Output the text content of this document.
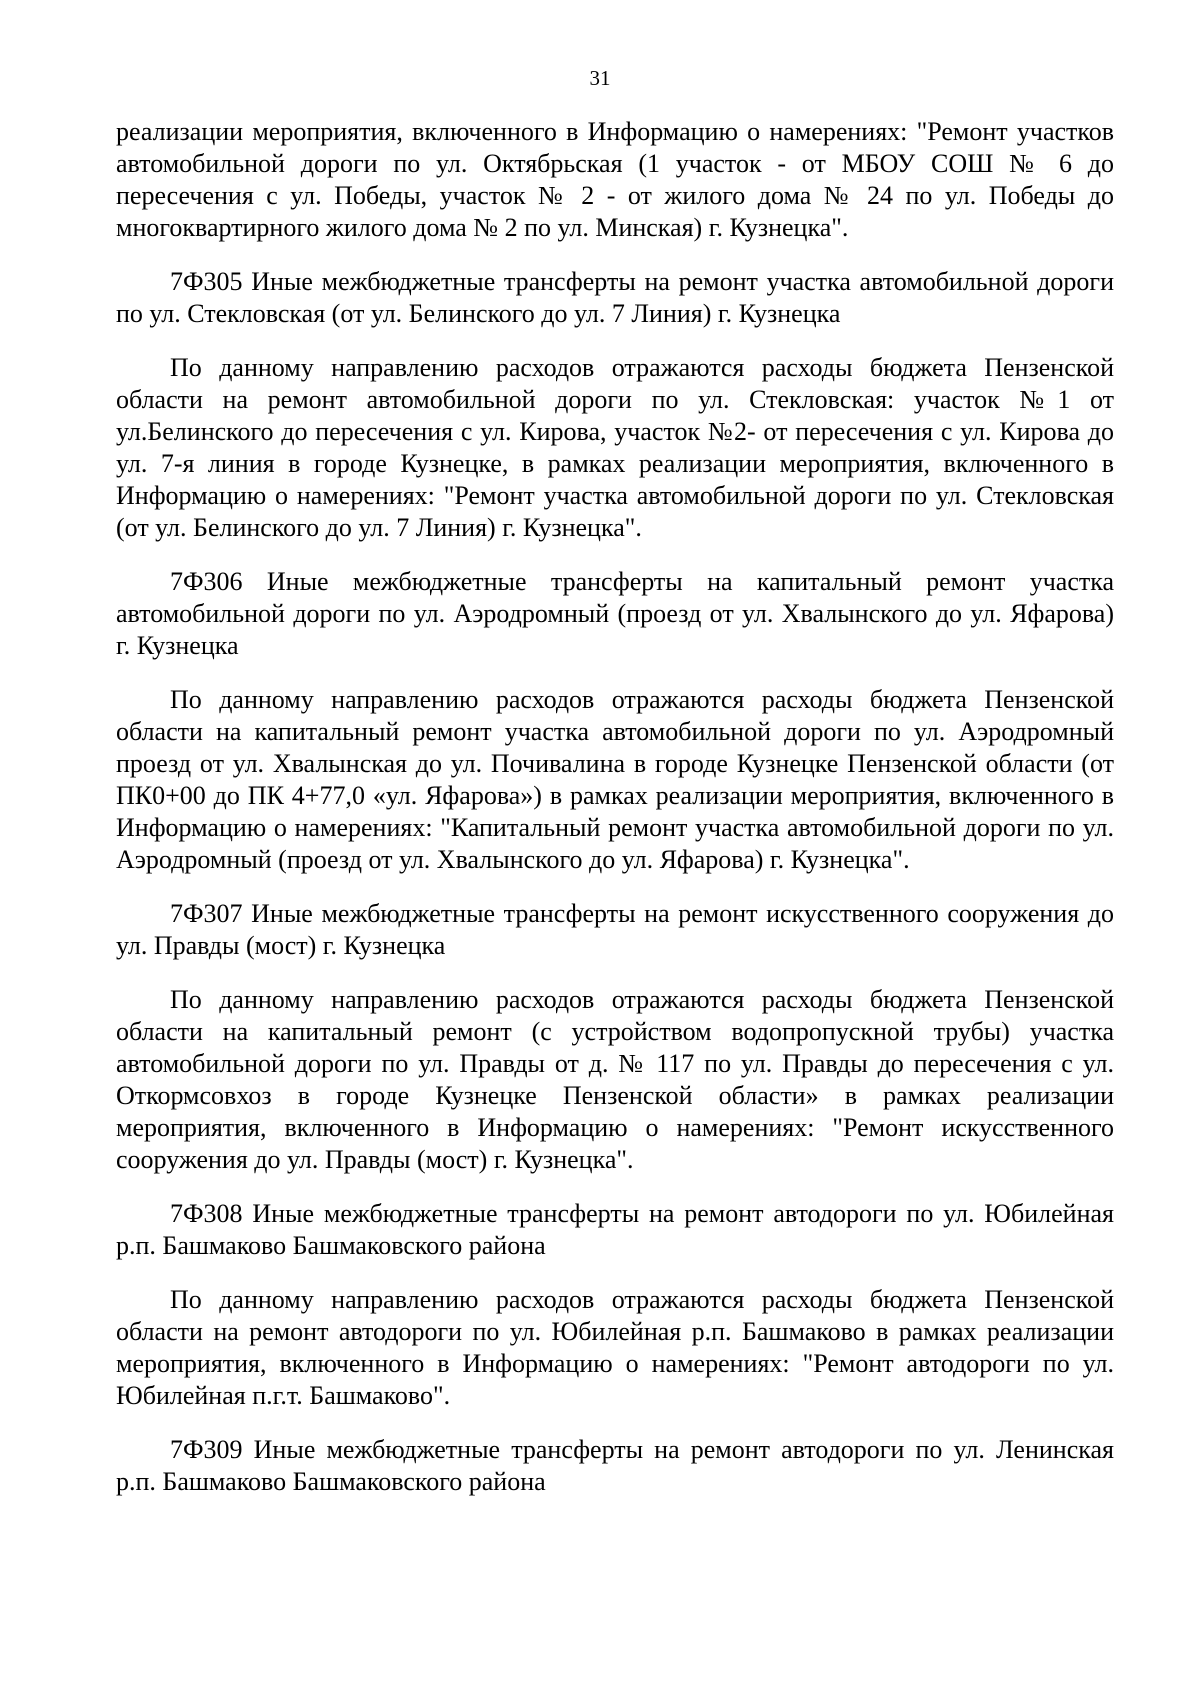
31

реализации мероприятия, включенного в Информацию о намерениях: "Ремонт участков автомобильной дороги по ул. Октябрьская (1 участок - от МБОУ СОШ № 6 до пересечения с ул. Победы, участок № 2 - от жилого дома № 24 по ул. Победы до многоквартирного жилого дома № 2 по ул. Минская) г. Кузнецка".

7Ф305 Иные межбюджетные трансферты на ремонт участка автомобильной дороги по ул. Стекловская (от ул. Белинского до ул. 7 Линия) г. Кузнецка

По данному направлению расходов отражаются расходы бюджета Пензенской области на ремонт автомобильной дороги по ул. Стекловская: участок №1 от ул.Белинского до пересечения с ул. Кирова, участок №2- от пересечения с ул. Кирова до ул. 7-я линия в городе Кузнецке, в рамках реализации мероприятия, включенного в Информацию о намерениях: "Ремонт участка автомобильной дороги по ул. Стекловская (от ул. Белинского до ул. 7 Линия) г. Кузнецка".

7Ф306 Иные межбюджетные трансферты на капитальный ремонт участка автомобильной дороги по ул. Аэродромный (проезд от ул. Хвалынского до ул. Яфарова) г. Кузнецка

По данному направлению расходов отражаются расходы бюджета Пензенской области на капитальный ремонт участка автомобильной дороги по ул. Аэродромный проезд от ул. Хвалынская до ул. Почивалина в городе Кузнецке Пензенской области (от ПК0+00 до ПК 4+77,0 «ул. Яфарова») в рамках реализации мероприятия, включенного в Информацию о намерениях: "Капитальный ремонт участка автомобильной дороги по ул. Аэродромный (проезд от ул. Хвалынского до ул. Яфарова) г. Кузнецка".

7Ф307 Иные межбюджетные трансферты на ремонт искусственного сооружения до ул. Правды (мост) г. Кузнецка

По данному направлению расходов отражаются расходы бюджета Пензенской области на капитальный ремонт (с устройством водопропускной трубы) участка автомобильной дороги по ул. Правды от д. № 117 по ул. Правды до пересечения с ул. Откормсовхоз в городе Кузнецке Пензенской области» в рамках реализации мероприятия, включенного в Информацию о намерениях: "Ремонт искусственного сооружения до ул. Правды (мост) г. Кузнецка".

7Ф308 Иные межбюджетные трансферты на ремонт автодороги по ул. Юбилейная р.п. Башмаково Башмаковского района

По данному направлению расходов отражаются расходы бюджета Пензенской области на ремонт автодороги по ул. Юбилейная р.п. Башмаково в рамках реализации мероприятия, включенного в Информацию о намерениях: "Ремонт автодороги по ул. Юбилейная п.г.т. Башмаково".

7Ф309 Иные межбюджетные трансферты на ремонт автодороги по ул. Ленинская р.п. Башмаково Башмаковского района
